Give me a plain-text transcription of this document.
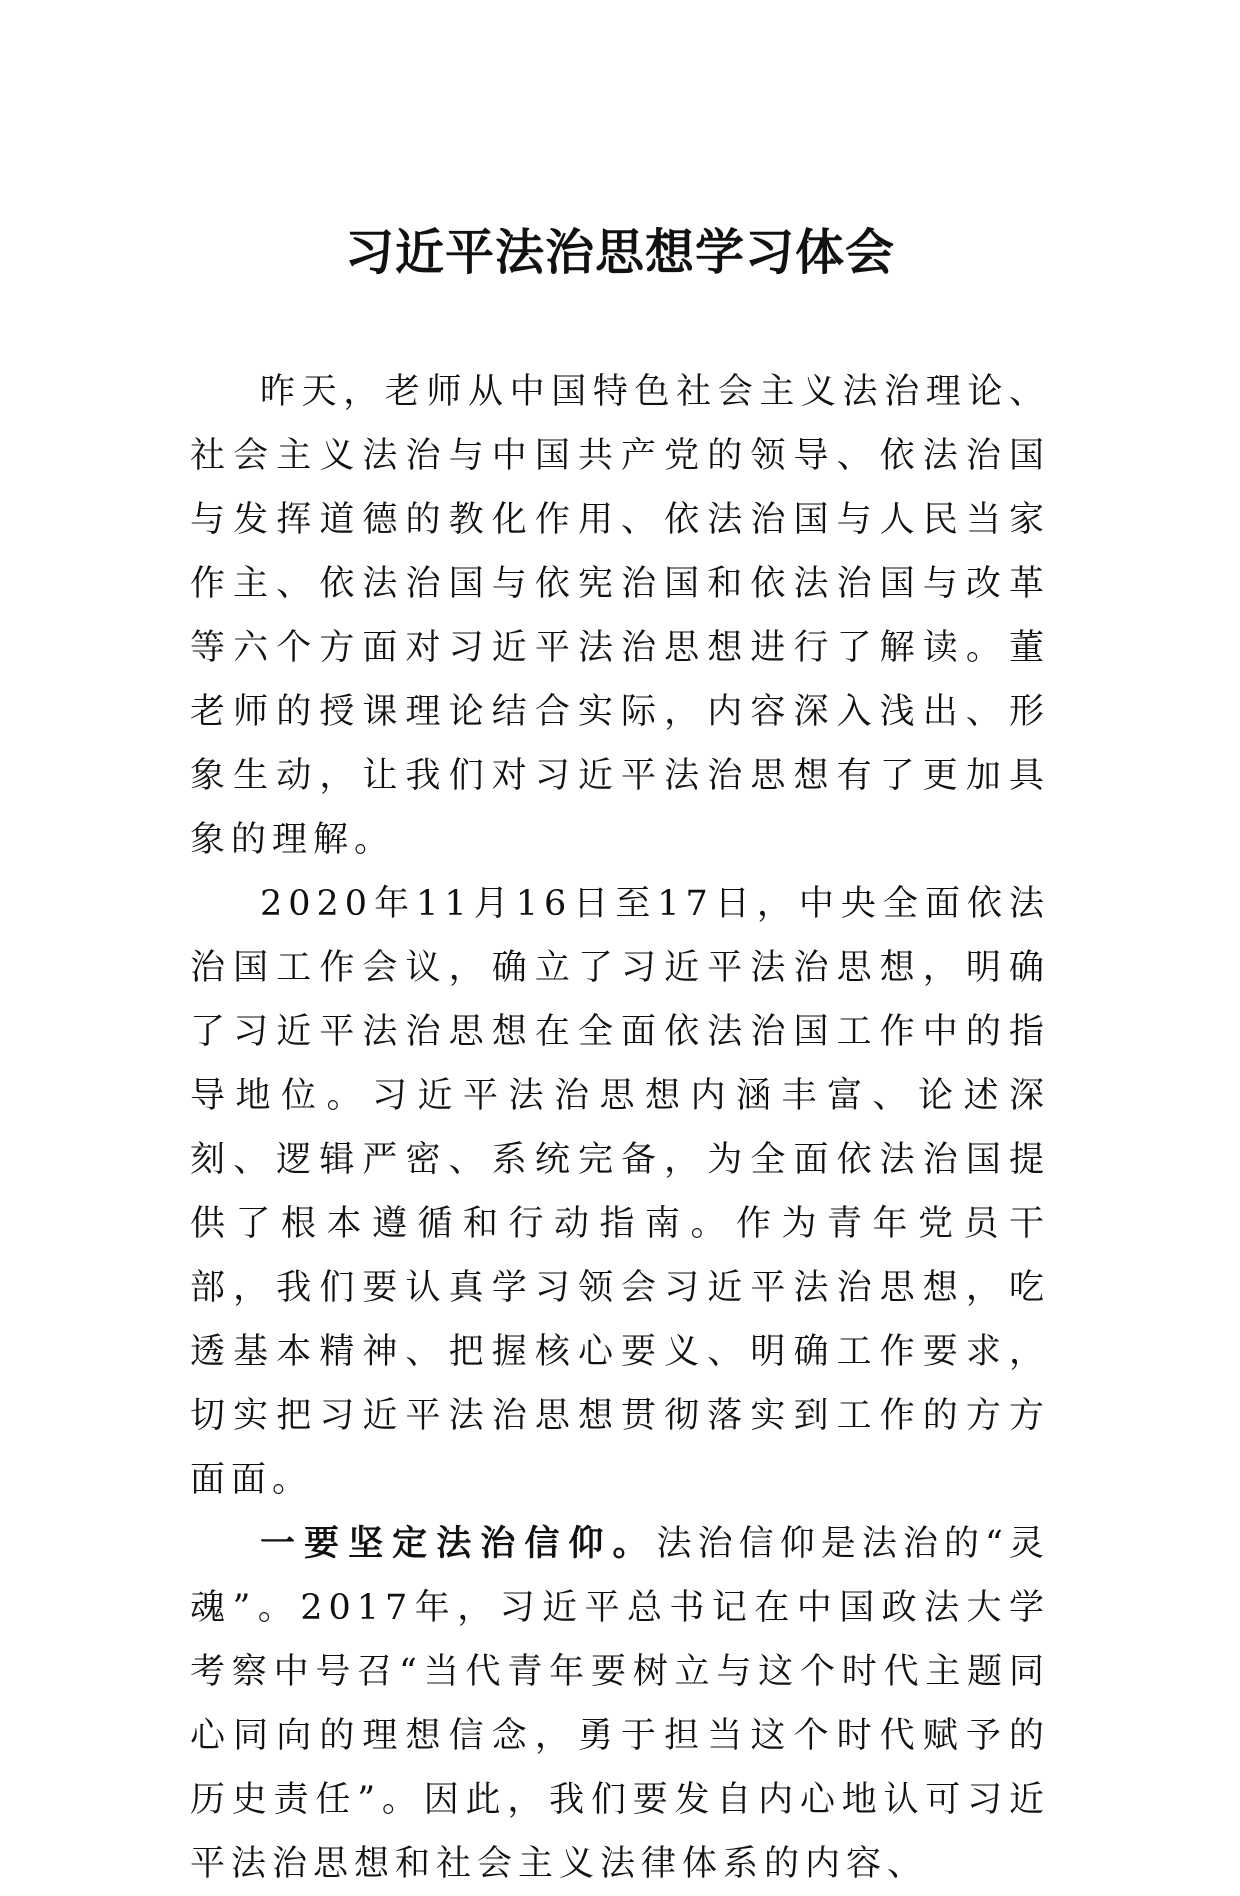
习近平法治思想学习体会

昨天，老师从中国特色社会主义法治理论、社会主义法治与中国共产党的领导、依法治国与发挥道德的教化作用、依法治国与人民当家作主、依法治国与依宪治国和依法治国与改革等六个方面对习近平法治思想进行了解读。董老师的授课理论结合实际，内容深入浅出、形象生动，让我们对习近平法治思想有了更加具象的理解。

2020年11月16日至17日，中央全面依法治国工作会议，确立了习近平法治思想，明确了习近平法治思想在全面依法治国工作中的指导地位。习近平法治思想内涵丰富、论述深刻、逻辑严密、系统完备，为全面依法治国提供了根本遵循和行动指南。作为青年党员干部，我们要认真学习领会习近平法治思想，吃透基本精神、把握核心要义、明确工作要求，切实把习近平法治思想贯彻落实到工作的方方面面。

一要坚定法治信仰。法治信仰是法治的“灵魂”。2017年，习近平总书记在中国政法大学考察中号召“当代青年要树立与这个时代主题同心同向的理想信念，勇于担当这个时代赋予的历史责任”。因此，我们要发自内心地认可习近平法治思想和社会主义法律体系的内容、
